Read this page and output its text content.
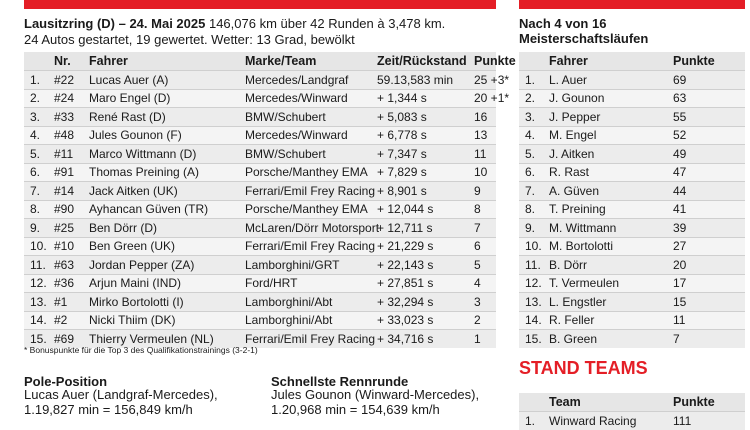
Lausitzring (D) – 24. Mai 2025 146,076 km über 42 Runden à 3,478 km.
24 Autos gestartet, 19 gewertet. Wetter: 13 Grad, bewölkt
	Nr.	Fahrer	Marke/Team	Zeit/Rückstand	Punkte
1.	#22	Lucas Auer (A)	Mercedes/Landgraf	59.13,583 min	25 +3*
2.	#24	Maro Engel (D)	Mercedes/Winward	+ 1,344 s	20 +1*
3.	#33	René Rast (D)	BMW/Schubert	+ 5,083 s	16
4.	#48	Jules Gounon (F)	Mercedes/Winward	+ 6,778 s	13
5.	#11	Marco Wittmann (D)	BMW/Schubert	+ 7,347 s	11
6.	#91	Thomas Preining (A)	Porsche/Manthey EMA	+ 7,829 s	10
7.	#14	Jack Aitken (UK)	Ferrari/Emil Frey Racing	+ 8,901 s	9
8.	#90	Ayhancan Güven (TR)	Porsche/Manthey EMA	+ 12,044 s	8
9.	#25	Ben Dörr (D)	McLaren/Dörr Motorsport	+ 12,711 s	7
10.	#10	Ben Green (UK)	Ferrari/Emil Frey Racing	+ 21,229 s	6
11.	#63	Jordan Pepper (ZA)	Lamborghini/GRT	+ 22,143 s	5
12.	#36	Arjun Maini (IND)	Ford/HRT	+ 27,851 s	4
13.	#1	Mirko Bortolotti (I)	Lamborghini/Abt	+ 32,294 s	3
14.	#2	Nicki Thiim (DK)	Lamborghini/Abt	+ 33,023 s	2
15.	#69	Thierry Vermeulen (NL)	Ferrari/Emil Frey Racing	+ 34,716 s	1
* Bonuspunkte für die Top 3 des Qualifikationstrainings (3-2-1)
Pole-Position
Lucas Auer (Landgraf-Mercedes),
1.19,827 min = 156,849 km/h
Schnellste Rennrunde
Jules Gounon (Winward-Mercedes),
1.20,968 min = 154,639 km/h
Nach 4 von 16
Meisterschaftsläufen
	Fahrer	Punkte
1.	L. Auer	69
2.	J. Gounon	63
3.	J. Pepper	55
4.	M. Engel	52
5.	J. Aitken	49
6.	R. Rast	47
7.	A. Güven	44
8.	T. Preining	41
9.	M. Wittmann	39
10.	M. Bortolotti	27
11.	B. Dörr	20
12.	T. Vermeulen	17
13.	L. Engstler	15
14.	R. Feller	11
15.	B. Green	7
STAND TEAMS
	Team	Punkte
1.	Winward Racing	111
